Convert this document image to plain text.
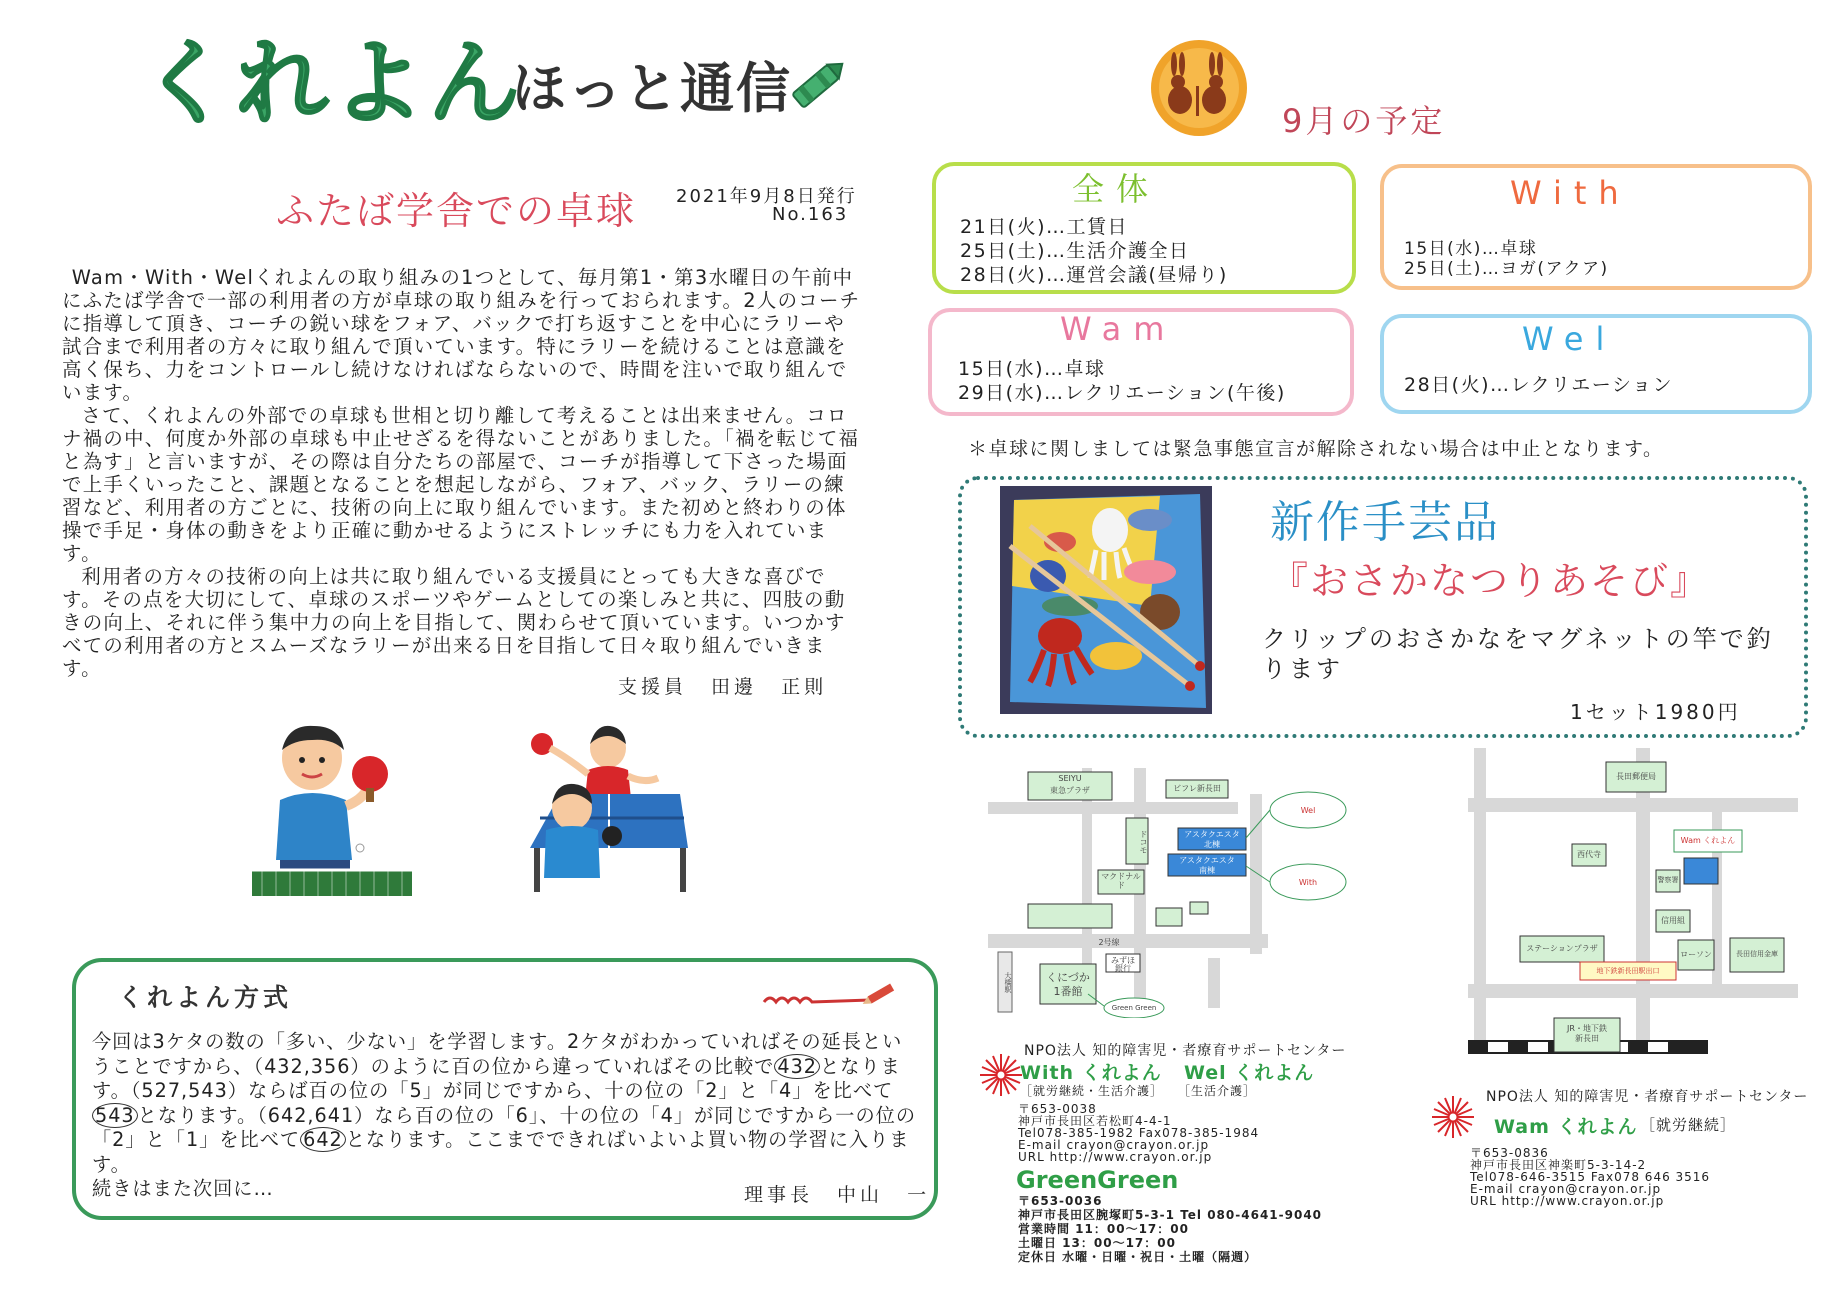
くれよん
ほっと通信
ふたば学舎での卓球 2021年9月8日発行
No.163

Wam・With・Welくれよんの取り組みの1つとして、毎月第1・第3水曜日の午前中にふたば学舎で一部の利用者の方が卓球の取り組みを行っておられます。2人のコーチに指導して頂き、コーチの鋭い球をフォア、バックで打ち返すことを中心にラリーや試合まで利用者の方々に取り組んで頂いています。特にラリーを続けることは意識を高く保ち、力をコントロールし続けなければならないので、時間を注いで取り組んでいます。

さて、くれよんの外部での卓球も世相と切り離して考えることは出来ません。コロナ禍の中、何度か外部の卓球も中止せざるを得ないことがありました。「禍を転じて福と為す」と言いますが、その際は自分たちの部屋で、コーチが指導して下さった場面で上手くいったこと、課題となることを想起しながら、フォア、バック、ラリーの練習など、利用者の方ごとに、技術の向上に取り組んでいます。また初めと終わりの体操で手足・身体の動きをより正確に動かせるようにストレッチにも力を入れています。

利用者の方々の技術の向上は共に取り組んでいる支援員にとっても大きな喜びです。その点を大切にして、卓球のスポーツやゲームとしての楽しみと共に、四肢の動きの向上、それに伴う集中力の向上を目指して、関わらせて頂いています。いつかすべての利用者の方とスムーズなラリーが出来る日を目指して日々取り組んでいきます。

支援員 田邊 正則
くれよん方式
今回は3ケタの数の「多い、少ない」を学習します。2ケタがわかっていればその延長ということですから、（432,356）のように百の位から違っていればその比較で 432 となります。（527,543）ならば百の位の「5」が同じですから、十の位の「2」と「4」を比べて543 となります。（642,641）なら百の位の「6」、十の位の「4」が同じですから一の位の「2」と「1」を比べて 642 となります。ここまでできればいよいよ買い物の学習に入ります。
続きはまた次回に…	理事長 中山 一
9月の予定
全体
21日(火)…工賃日
25日(土)…生活介護全日
28日(火)…運営会議(昼帰り)
With
15日(水)…卓球
25日(土)…ヨガ(アクア)
Wam
15日(水)…卓球
29日(水)…レクリエーション(午後)
Wel
28日(火)…レクリエーション
＊卓球に関しましては緊急事態宣言が解除されない場合は中止となります。
新作手芸品
『おさかなつりあそび』
クリップのおさかなをマグネットの竿で釣ります
1セット1980円
SEIYU
東急プラザ	ビフレ新長田
ドコモ
マクドナルド
アスタクエスタ
北棟
アスタクエスタ
南棟
Wel
With
2号線
みずほ
銀行
くにづか
1番館
大橋駅
Green Green
長田郵便局
西代寺
Wam くれよん
警察署
信用組
ステーションプラザ
地下鉄新長田駅出口
ローソン	長田信用金庫
JR・地下鉄
新長田
NPO法人 知的障害児・者療育サポートセンター
With くれよん Wel くれよん
［就労継続・生活介護］ ［生活介護］
〒653-0038
神戸市長田区若松町4-4-1
Tel078-385-1982 Fax078-385-1984
E-mail crayon@crayon.or.jp
URL http://www.crayon.or.jp
GreenGreen
〒653-0036
神戸市長田区腕塚町5-3-1 Tel 080-4641-9040
営業時間 11：00～17：00
土曜日 13：00～17：00
定休日 水曜・日曜・祝日・土曜（隔週）
NPO法人 知的障害児・者療育サポートセンター
Wam くれよん ［就労継続］
〒653-0836
神戸市長田区神楽町5-3-14-2
Tel078-646-3515 Fax078 646 3516
E-mail crayon@crayon.or.jp
URL http://www.crayon.or.jp
